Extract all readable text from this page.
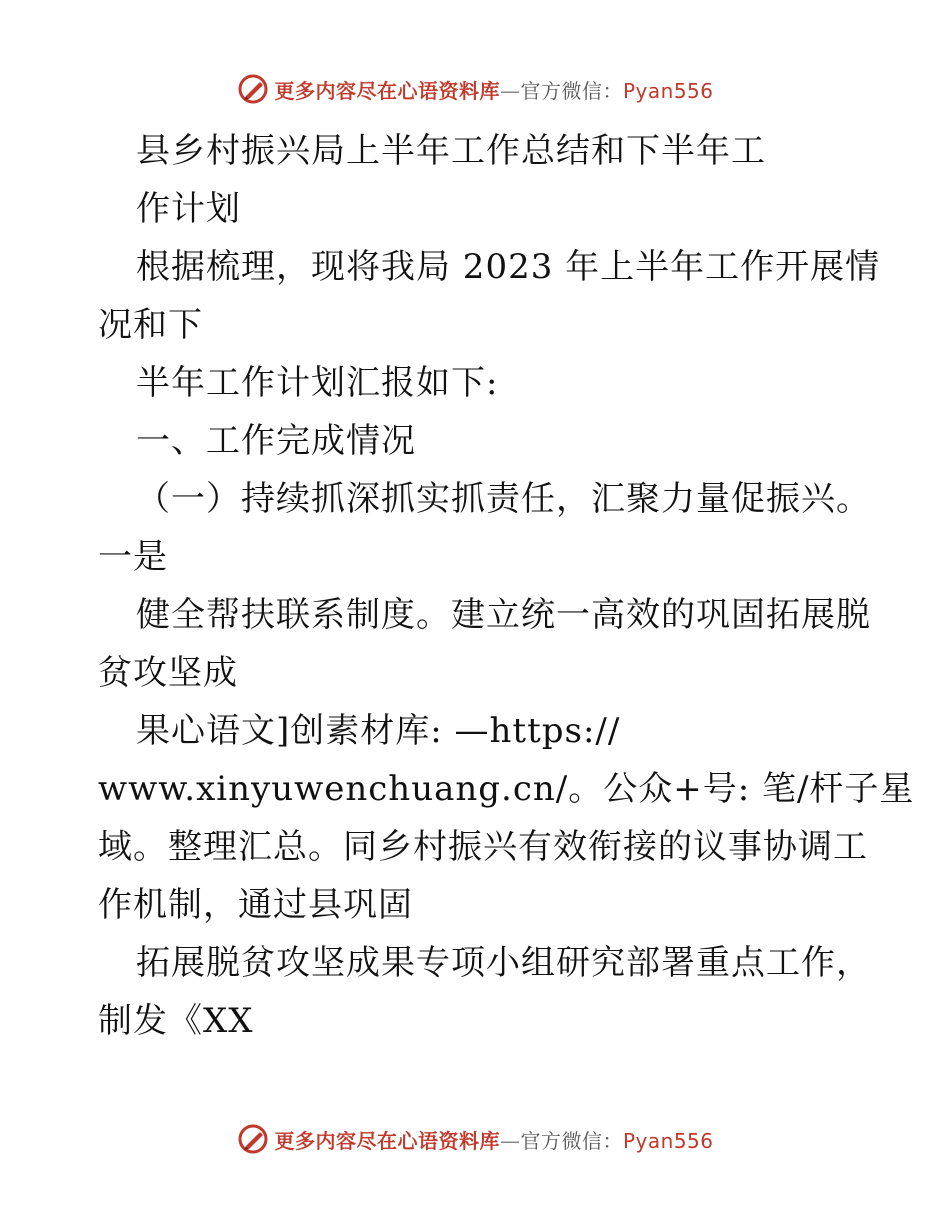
更多内容尽在心语资料库—官方微信：Pyan556
县乡村振兴局上半年工作总结和下半年工
作计划
根据梳理，现将我局 2023 年上半年工作开展情
况和下
半年工作计划汇报如下:
一、工作完成情况
（一）持续抓深抓实抓责任，汇聚力量促振兴。
一是
健全帮扶联系制度。建立统一高效的巩固拓展脱
贫攻坚成
果心语文]创素材库: —https://
www.xinyuwenchuang.cn/。公众+号: 笔/杆子星
域。整理汇总。同乡村振兴有效衔接的议事协调工
作机制，通过县巩固
拓展脱贫攻坚成果专项小组研究部署重点工作，
制发《XX
更多内容尽在心语资料库—官方微信：Pyan556
